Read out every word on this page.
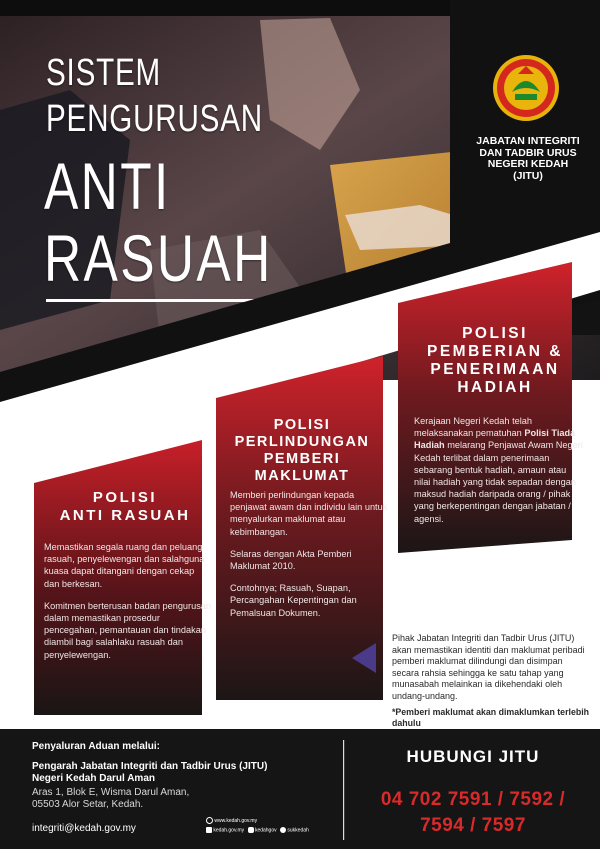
SISTEM
PENGURUSAN
ANTI
RASUAH
JABATAN INTEGRITI
DAN TADBIR URUS
NEGERI KEDAH
(JITU)
POLISI
PEMBERIAN &
PENERIMAAN
HADIAH
Kerajaan Negeri Kedah telah melaksanakan pematuhan Polisi Tiada Hadiah melarang Penjawat Awam Negeri Kedah terlibat dalam penerimaan sebarang bentuk hadiah, amaun atau nilai hadiah yang tidak sepadan dengan maksud hadiah daripada orang / pihak yang berkepentingan dengan jabatan / agensi.
POLISI
PERLINDUNGAN
PEMBERI MAKLUMAT

Memberi perlindungan kepada penjawat awam dan individu lain untuk menyalurkan maklumat atau kebimbangan.

Selaras dengan Akta Pemberi Maklumat 2010.

Contohnya; Rasuah, Suapan, Percangahan Kepentingan dan Pemalsuan Dokumen.

POLISI
ANTI RASUAH

Memastikan segala ruang dan peluang rasuah, penyelewengan dan salahguna kuasa dapat ditangani dengan cekap dan berkesan.

Komitmen berterusan badan pengurusan dalam memastikan prosedur pencegahan, pemantauan dan tindakan diambil bagi salahlaku rasuah dan penyelewengan.

Pihak Jabatan Integriti dan Tadbir Urus (JITU) akan memastikan identiti dan maklumat peribadi pemberi maklumat dilindungi dan disimpan secara rahsia sehingga ke satu tahap yang munasabah melainkan ia dikehendaki oleh undang-undang.
*Pemberi maklumat akan dimaklumkan terlebih dahulu
Penyaluran Aduan melalui:
Pengarah Jabatan Integriti dan Tadbir Urus (JITU)
Negeri Kedah Darul Aman
Aras 1, Blok E, Wisma Darul Aman,
05503 Alor Setar, Kedah.
integriti@kedah.gov.my
www.kedah.gov.my
kedah.gov.my kedahgov sukkedah
HUBUNGI JITU
04 702 7591 / 7592 /
7594 / 7597
